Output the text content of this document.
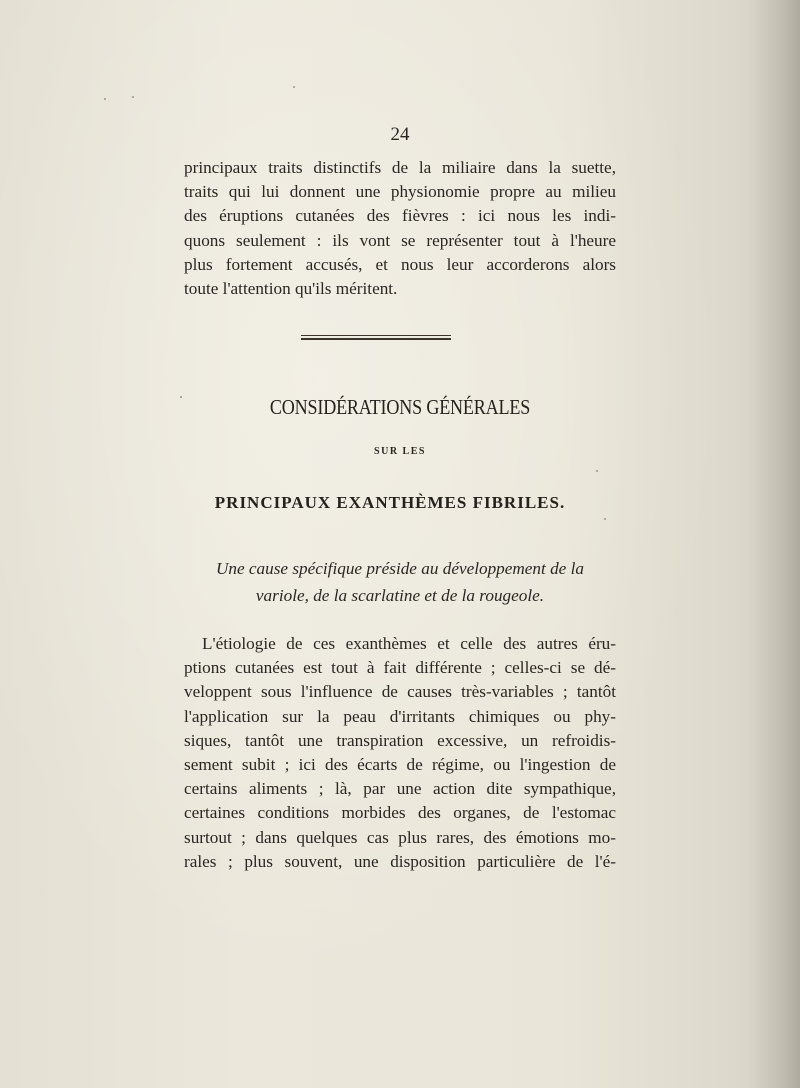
24

principaux traits distinctifs de la miliaire dans la suette,
traits qui lui donnent une physionomie propre au milieu
des éruptions cutanées des fièvres : ici nous les indi-
quons seulement : ils vont se représenter tout à l'heure
plus fortement accusés, et nous leur accorderons alors
toute l'attention qu'ils méritent.

CONSIDÉRATIONS GÉNÉRALES
SUR LES
PRINCIPAUX EXANTHÈMES FIBRILES.

Une cause spécifique préside au développement de la
variole, de la scarlatine et de la rougeole.

L'étiologie de ces exanthèmes et celle des autres éru-
ptions cutanées est tout à fait différente ; celles-ci se dé-
veloppent sous l'influence de causes très-variables ; tantôt
l'application sur la peau d'irritants chimiques ou phy-
siques, tantôt une transpiration excessive, un refroidis-
sement subit ; ici des écarts de régime, ou l'ingestion de
certains aliments ; là, par une action dite sympathique,
certaines conditions morbides des organes, de l'estomac
surtout ; dans quelques cas plus rares, des émotions mo-
rales ; plus souvent, une disposition particulière de l'é-
